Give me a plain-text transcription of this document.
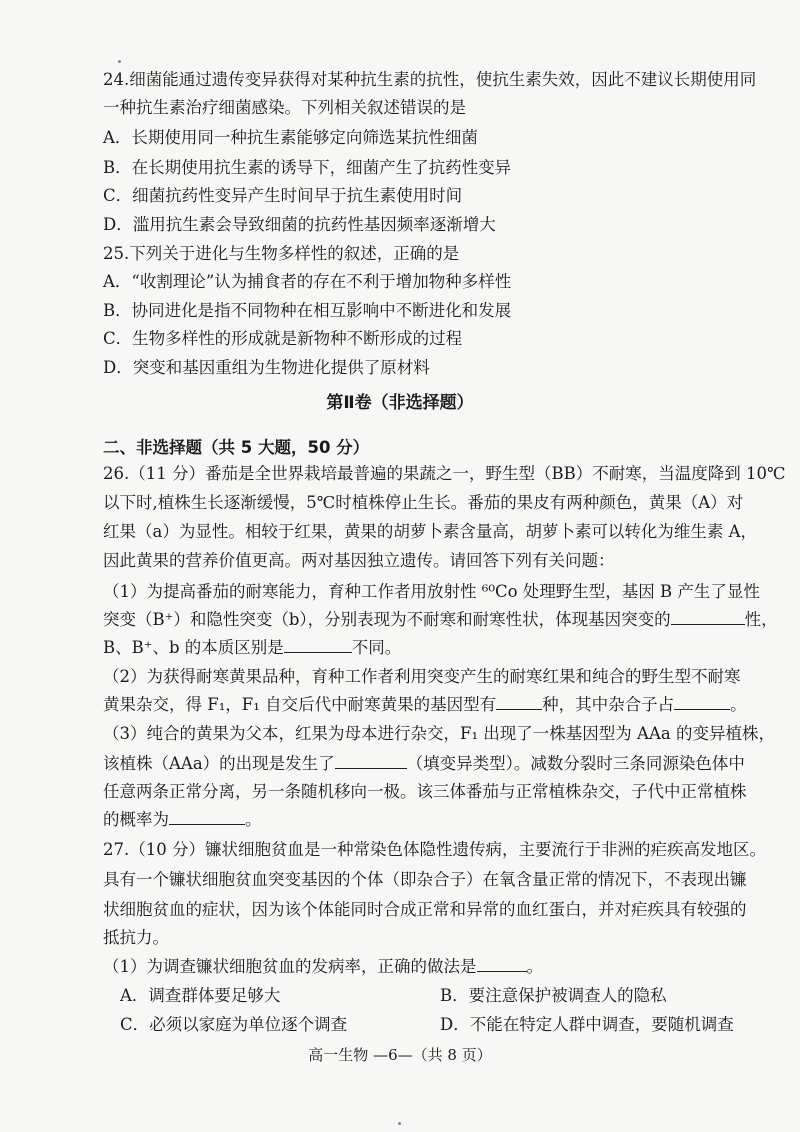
24.细菌能通过遗传变异获得对某种抗生素的抗性，使抗生素失效，因此不建议长期使用同
一种抗生素治疗细菌感染。下列相关叙述错误的是
A．长期使用同一种抗生素能够定向筛选某抗性细菌
B．在长期使用抗生素的诱导下，细菌产生了抗药性变异
C．细菌抗药性变异产生时间早于抗生素使用时间
D．滥用抗生素会导致细菌的抗药性基因频率逐渐增大
25.下列关于进化与生物多样性的叙述，正确的是
A．“收割理论”认为捕食者的存在不利于增加物种多样性
B．协同进化是指不同物种在相互影响中不断进化和发展
C．生物多样性的形成就是新物种不断形成的过程
D．突变和基因重组为生物进化提供了原材料
第Ⅱ卷（非选择题）
二、非选择题（共 5 大题，50 分）
26.（11 分）番茄是全世界栽培最普遍的果蔬之一，野生型（BB）不耐寒，当温度降到 10℃
以下时,植株生长逐渐缓慢，5℃时植株停止生长。番茄的果皮有两种颜色，黄果（A）对
红果（a）为显性。相较于红果，黄果的胡萝卜素含量高，胡萝卜素可以转化为维生素 A，
因此黄果的营养价值更高。两对基因独立遗传。请回答下列有关问题：
（1）为提高番茄的耐寒能力，育种工作者用放射性 ⁶⁰Co 处理野生型，基因 B 产生了显性
突变（B⁺）和隐性突变（b），分别表现为不耐寒和耐寒性状，体现基因突变的	性，
B、B⁺、b 的本质区别是	不同。
（2）为获得耐寒黄果品种，育种工作者利用突变产生的耐寒红果和纯合的野生型不耐寒
黄果杂交，得 F₁，F₁ 自交后代中耐寒黄果的基因型有	种，其中杂合子占	。
（3）纯合的黄果为父本，红果为母本进行杂交，F₁ 出现了一株基因型为 AAa 的变异植株，
该植株（AAa）的出现是发生了	（填变异类型）。减数分裂时三条同源染色体中
任意两条正常分离，另一条随机移向一极。该三体番茄与正常植株杂交，子代中正常植株
的概率为	。
27.（10 分）镰状细胞贫血是一种常染色体隐性遗传病，主要流行于非洲的疟疾高发地区。
具有一个镰状细胞贫血突变基因的个体（即杂合子）在氧含量正常的情况下，不表现出镰
状细胞贫血的症状，因为该个体能同时合成正常和异常的血红蛋白，并对疟疾具有较强的
抵抗力。
（1）为调查镰状细胞贫血的发病率，正确的做法是	。
A．调查群体要足够大	B．要注意保护被调查人的隐私
C．必须以家庭为单位逐个调查	D．不能在特定人群中调查，要随机调查
高一生物 —6—（共 8 页）
